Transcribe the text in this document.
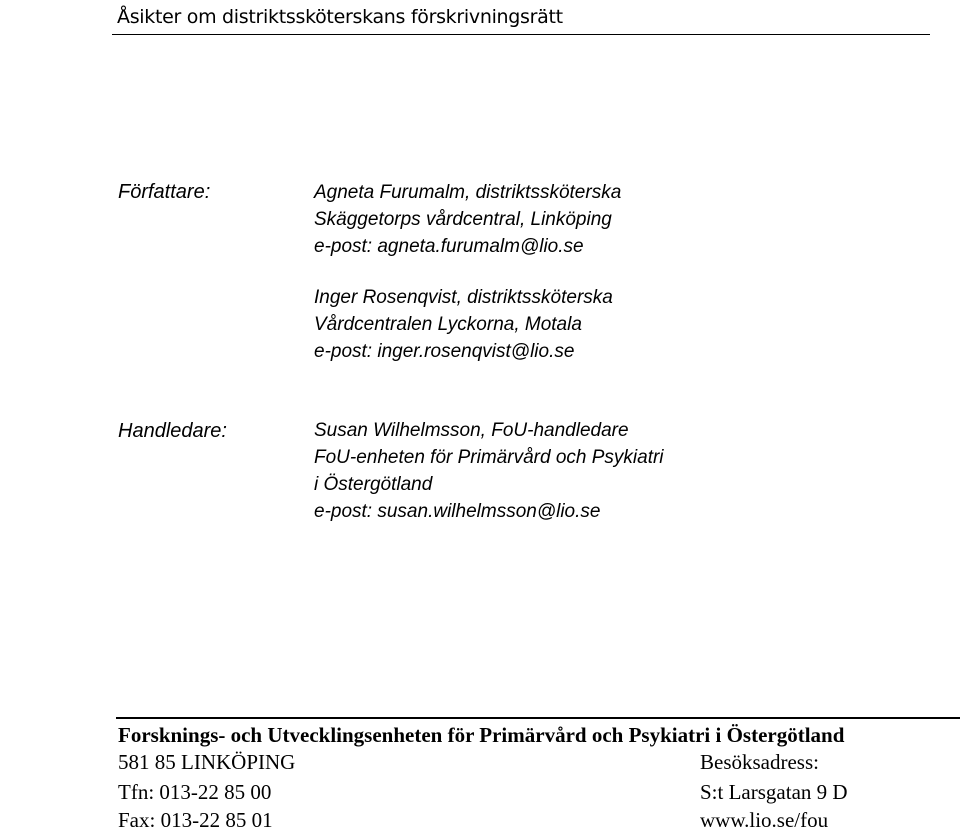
Åsikter om distriktssköterskans förskrivningsrätt
Författare:	Agneta Furumalm, distriktssköterska
Skäggetorps vårdcentral, Linköping
e-post: agneta.furumalm@lio.se
Inger Rosenqvist, distriktssköterska
Vårdcentralen Lyckorna, Motala
e-post: inger.rosenqvist@lio.se
Handledare:	Susan Wilhelmsson, FoU-handledare
FoU-enheten för Primärvård och Psykiatri
i Östergötland
e-post: susan.wilhelmsson@lio.se
Forsknings- och Utvecklingsenheten för Primärvård och Psykiatri i Östergötland
581 85 LINKÖPING
Tfn: 013-22 85 00
Fax: 013-22 85 01
Besöksadress:
S:t Larsgatan 9 D
www.lio.se/fou
